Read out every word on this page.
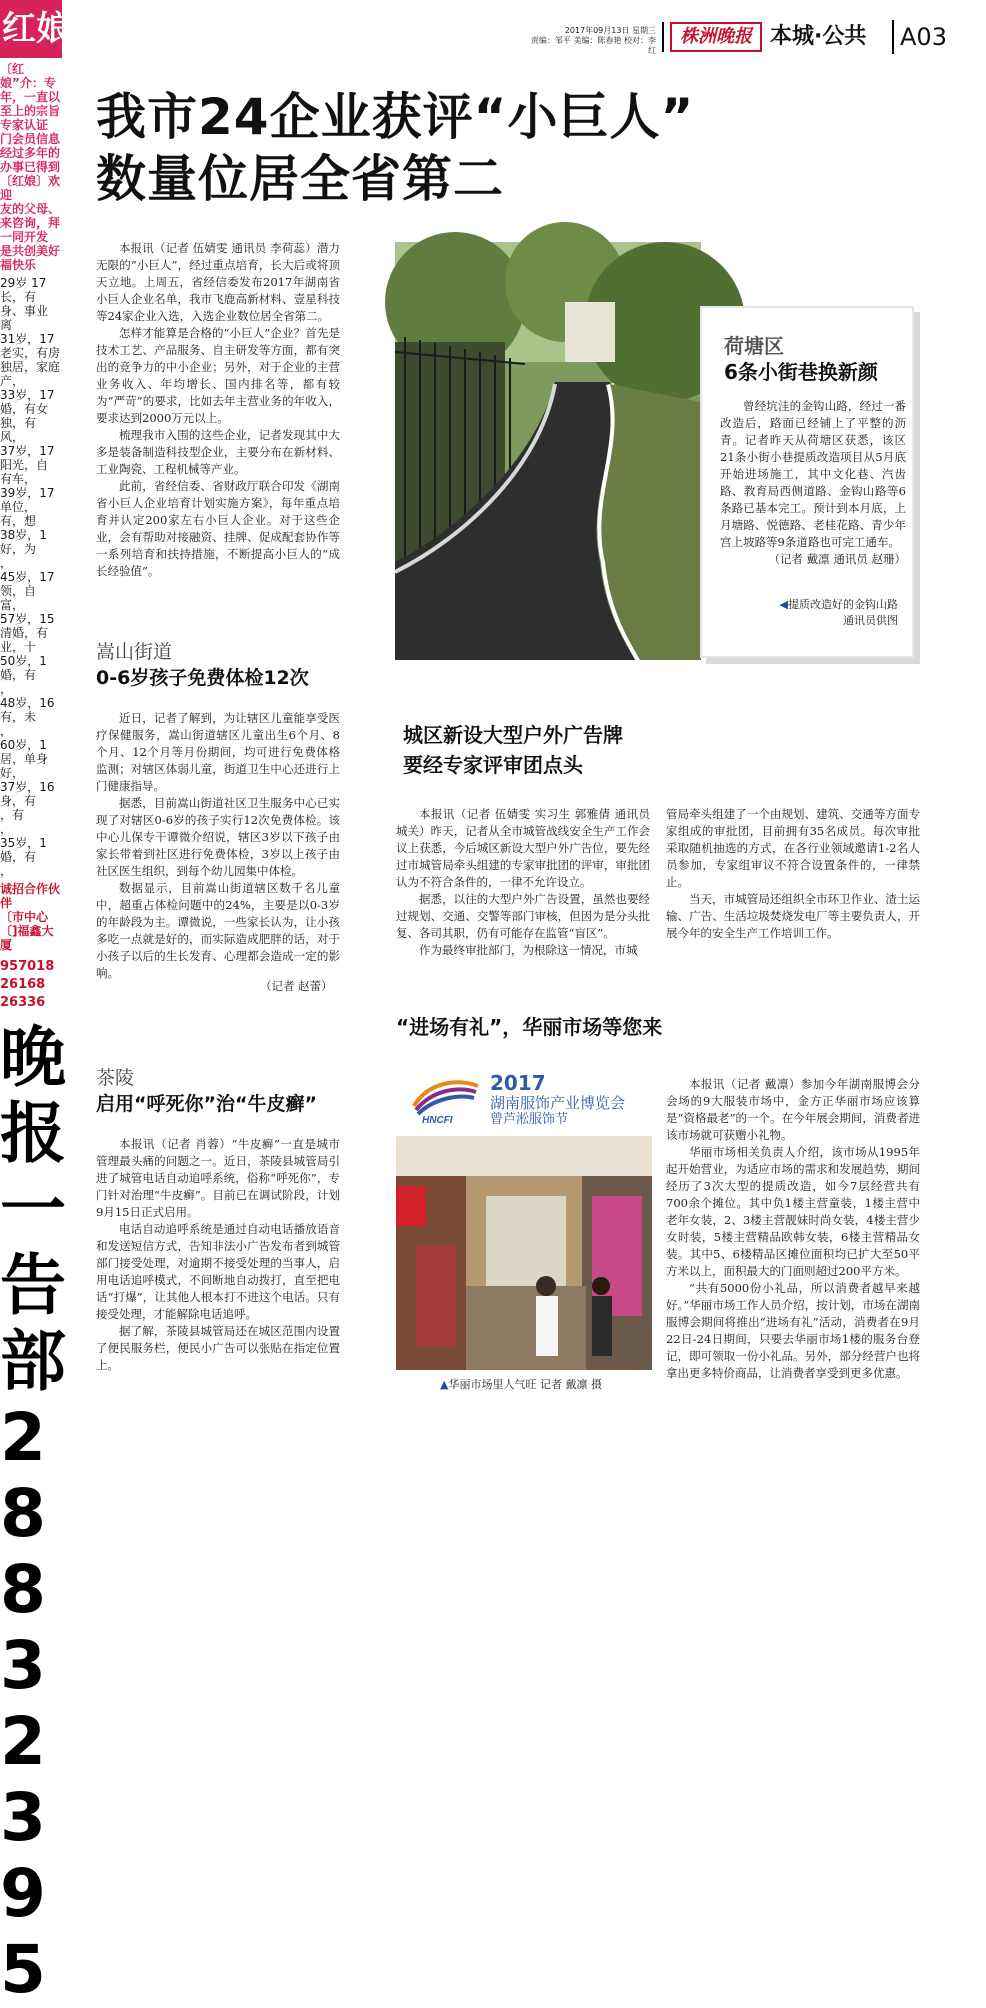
红娘
〔红娘”介：专
年，一直以
至上的宗旨
专家认证
门会员信息
经过多年的
办事已得到
〔红娘〕欢迎
友的父母、
来咨询，拜
一同开发
是共创美好
福快乐
29岁 17
长，有
身、事业
离
31岁，17
老实，有房
独居，家庭
产，
33岁，17
婚，有女
独，有
风，
37岁，17
阳光，自
有车，
39岁，17
单位，
有，想
38岁，1
好，为
，
45岁，17
领，自
富，
57岁，15
清婚，有
业，十
50岁，1
婚，有
，
48岁，16
有，未
，
60岁，1
居，单身
好，
37岁，16
身，有
，有
，
35岁，1
婚，有
，
诚招合作伙伴
〔市中心
〔]福鑫大厦
957018
26168
26336
晚
报
一
告
部
2
8
8
3
2
3
9
5
2017年09月13日 星期三
责编：邹平 美编：陈春艳 校对：李红
株洲晚报 本城·公共 A03
我市24企业获评“小巨人”
数量位居全省第二

本报讯（记者 伍婧雯 通讯员 李荷蕊）潜力无限的“小巨人”，经过重点培育，长大后或将顶天立地。上周五，省经信委发布2017年湖南省小巨人企业名单，我市飞鹿高新材料、壹星科技等24家企业入选，入选企业数位居全省第二。

怎样才能算是合格的“小巨人”企业？首先是技术工艺、产品服务、自主研发等方面，都有突出的竞争力的中小企业；另外，对于企业的主营业务收入、年均增长、国内排名等，都有较为“严苛”的要求，比如去年主营业务的年收入，要求达到2000万元以上。

梳理我市入围的这些企业，记者发现其中大多是装备制造科技型企业，主要分布在新材料、工业陶瓷、工程机械等产业。

此前，省经信委、省财政厅联合印发《湖南省小巨人企业培育计划实施方案》，每年重点培育并认定200家左右小巨人企业。对于这些企业，会有帮助对接融资、挂牌、促成配套协作等一系列培育和扶持措施，不断提高小巨人的“成长经验值”。

嵩山街道
0-6岁孩子免费体检12次

近日，记者了解到，为让辖区儿童能享受医疗保健服务，嵩山街道辖区儿童出生6个月、8个月、12个月等月份期间，均可进行免费体格监测；对辖区体弱儿童，街道卫生中心还进行上门健康指导。

据悉，目前嵩山街道社区卫生服务中心已实现了对辖区0-6岁的孩子实行12次免费体检。该中心儿保专干谭微介绍说，辖区3岁以下孩子由家长带着到社区进行免费体检，3岁以上孩子由社区医生组织，到每个幼儿园集中体检。

数据显示，目前嵩山街道辖区数千名儿童中，超重占体检问题中的24%，主要是以0-3岁的年龄段为主。谭微说，一些家长认为，让小孩多吃一点就是好的，而实际造成肥胖的话，对于小孩子以后的生长发育、心理都会造成一定的影响。

（记者 赵蕾）
茶陵
启用“呼死你”治“牛皮癣”

本报讯（记者 肖蓉）“牛皮癣”一直是城市管理最头痛的问题之一。近日，茶陵县城管局引进了城管电话自动追呼系统，俗称“呼死你”，专门针对治理“牛皮癣”。目前已在调试阶段，计划9月15日正式启用。

电话自动追呼系统是通过自动电话播放语音和发送短信方式，告知非法小广告发布者到城管部门接受处理，对逾期不接受处理的当事人，启用电话追呼模式，不间断地自动拨打，直至把电话“打爆”，让其他人根本打不进这个电话。只有接受处理，才能解除电话追呼。

据了解，茶陵县城管局还在城区范围内设置了便民服务栏，便民小广告可以张贴在指定位置上。

荷塘区
6条小街巷换新颜

曾经坑洼的金钩山路，经过一番改造后，路面已经铺上了平整的沥青。记者昨天从荷塘区获悉，该区21条小街小巷提质改造项目从5月底开始进场施工，其中文化巷、汽齿路、教育局西侧道路、金钩山路等6条路已基本完工。预计到本月底，上月塘路、悦德路、老桂花路、青少年宫上坡路等9条道路也可完工通车。

（记者 戴凛 通讯员 赵珊）

◀提质改造好的金钩山路
通讯员供图
城区新设大型户外广告牌
要经专家评审团点头

本报讯（记者 伍婧雯 实习生 郭雅倩 通讯员 城关）昨天，记者从全市城管战线安全生产工作会议上获悉，今后城区新设大型户外广告位，要先经过市城管局牵头组建的专家审批团的评审，审批团认为不符合条件的，一律不允许设立。

据悉，以往的大型户外广告设置，虽然也要经过规划、交通、交警等部门审核，但因为是分头批复、各司其职，仍有可能存在监管“盲区”。

作为最终审批部门，为根除这一情况，市城

管局牵头组建了一个由规划、建筑、交通等方面专家组成的审批团，目前拥有35名成员。每次审批采取随机抽选的方式，在各行业领域邀请1-2名人员参加，专家组审议不符合设置条件的，一律禁止。

当天，市城管局还组织全市环卫作业、渣土运输、广告、生活垃圾焚烧发电厂等主要负责人，开展今年的安全生产工作培训工作。

“进场有礼”，华丽市场等您来
HNCFI
2017
湖南服饰产业博览会
曾芦淞服饰节
▲华丽市场里人气旺 记者 戴凛 摄

本报讯（记者 戴凛）参加今年湖南服博会分会场的9大服装市场中，金方正华丽市场应该算是“资格最老”的一个。在今年展会期间，消费者进该市场就可获赠小礼物。

华丽市场相关负责人介绍，该市场从1995年起开始营业，为适应市场的需求和发展趋势，期间经历了3次大型的提质改造，如今7层经营共有700余个摊位。其中负1楼主营童装，1楼主营中老年女装，2、3楼主营靓妹时尚女装，4楼主营少女时装，5楼主营精品欧韩女装，6楼主营精品女装。其中5、6楼精品区摊位面积均已扩大至50平方米以上，面积最大的门面则超过200平方米。

“共有5000份小礼品，所以消费者越早来越好。”华丽市场工作人员介绍，按计划，市场在湖南服博会期间将推出“进场有礼”活动，消费者在9月22日-24日期间，只要去华丽市场1楼的服务台登记，即可领取一份小礼品。另外，部分经营户也将拿出更多特价商品，让消费者享受到更多优惠。
